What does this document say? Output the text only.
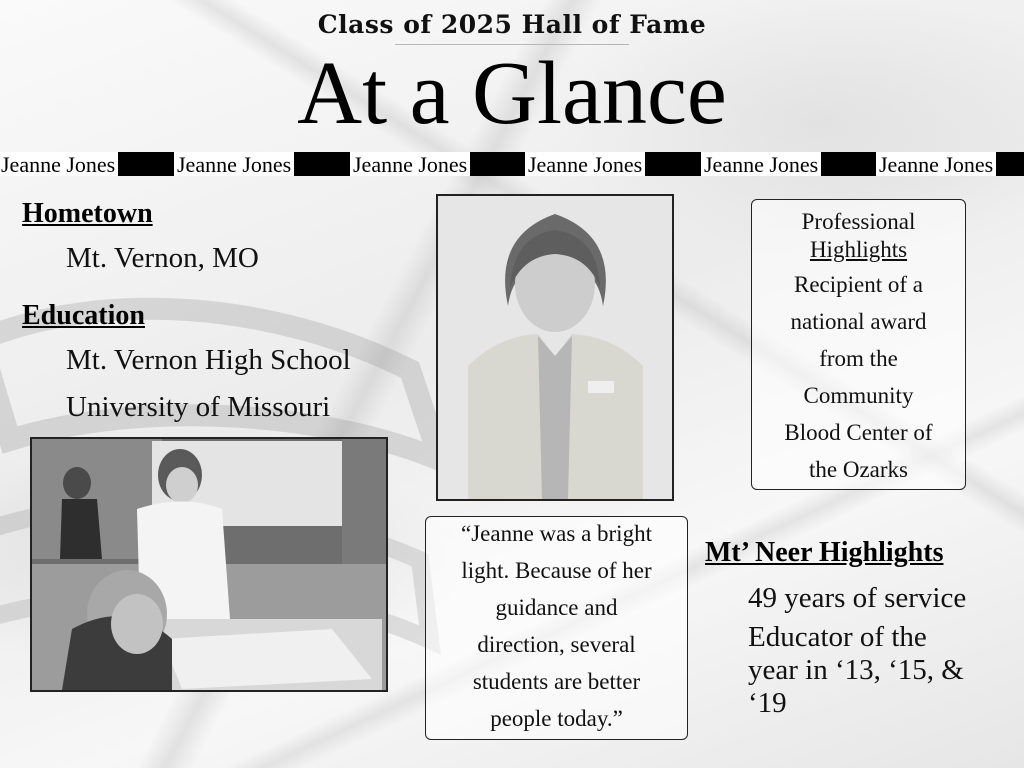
Class of 2025 Hall of Fame
At a Glance
Jeanne Jones	Jeanne Jones	Jeanne Jones	Jeanne Jones	Jeanne Jones	Jeanne Jones
Hometown
Mt. Vernon, MO
Education
Mt. Vernon High School
University of Missouri
Professional
Highlights
Recipient of a
national award
from the
Community
Blood Center of
the Ozarks
“Jeanne was a bright
light. Because of her
guidance and
direction, several
students are better
people today.”
Mt’ Neer Highlights
49 years of service
Educator of the
year in ‘13, ‘15, &
‘19
